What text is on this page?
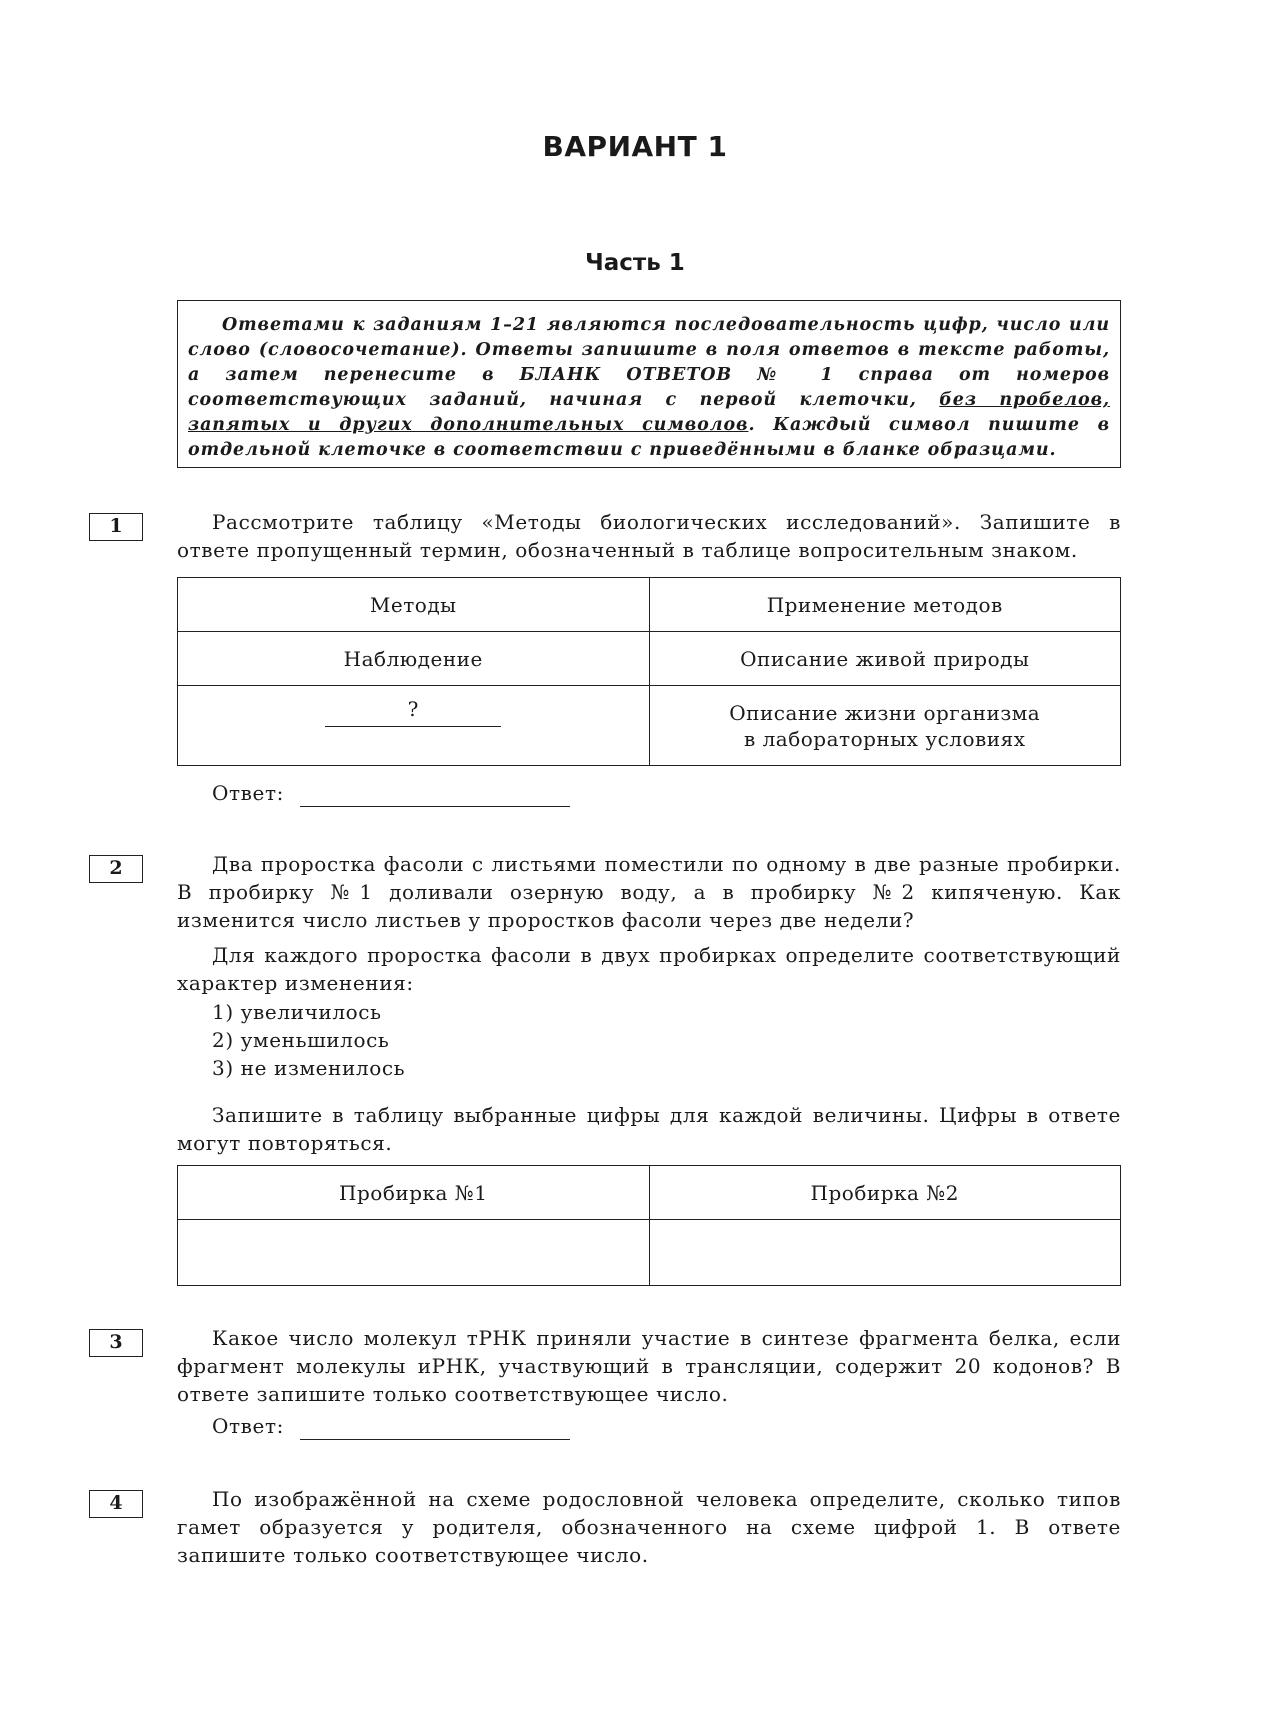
ВАРИАНТ 1
Часть 1

Ответами к заданиям 1–21 являются последовательность цифр, число или слово (словосочетание). Ответы запишите в поля ответов в тексте работы, а затем перенесите в БЛАНК ОТВЕТОВ № 1 справа от номеров соответствующих заданий, начиная с первой клеточки, без пробелов, запятых и других дополнительных символов. Каждый символ пишите в отдельной клеточке в соответствии с приведёнными в бланке образцами.

1	Рассмотрите таблицу «Методы биологических исследований». Запишите в ответе пропущенный термин, обозначенный в таблице вопросительным знаком.
Методы	Применение методов
Наблюдение	Описание живой природы
?	Описание жизни организма
в лабораторных условиях
Ответ:
2	Два проростка фасоли с листьями поместили по одному в две разные пробирки. В пробирку №1 доливали озерную воду, а в пробирку №2 кипяченую. Как изменится число листьев у проростков фасоли через две недели?
Для каждого проростка фасоли в двух пробирках определите соответствующий характер изменения:
1) увеличилось
2) уменьшилось
3) не изменилось
Запишите в таблицу выбранные цифры для каждой величины. Цифры в ответе могут повторяться.
Пробирка №1	Пробирка №2

3	Какое число молекул тРНК приняли участие в синтезе фрагмента белка, если фрагмент молекулы иРНК, участвующий в трансляции, содержит 20 кодонов? В ответе запишите только соответствующее число.
Ответ:
4	По изображённой на схеме родословной человека определите, сколько типов гамет образуется у родителя, обозначенного на схеме цифрой 1. В ответе запишите только соответствующее число.
